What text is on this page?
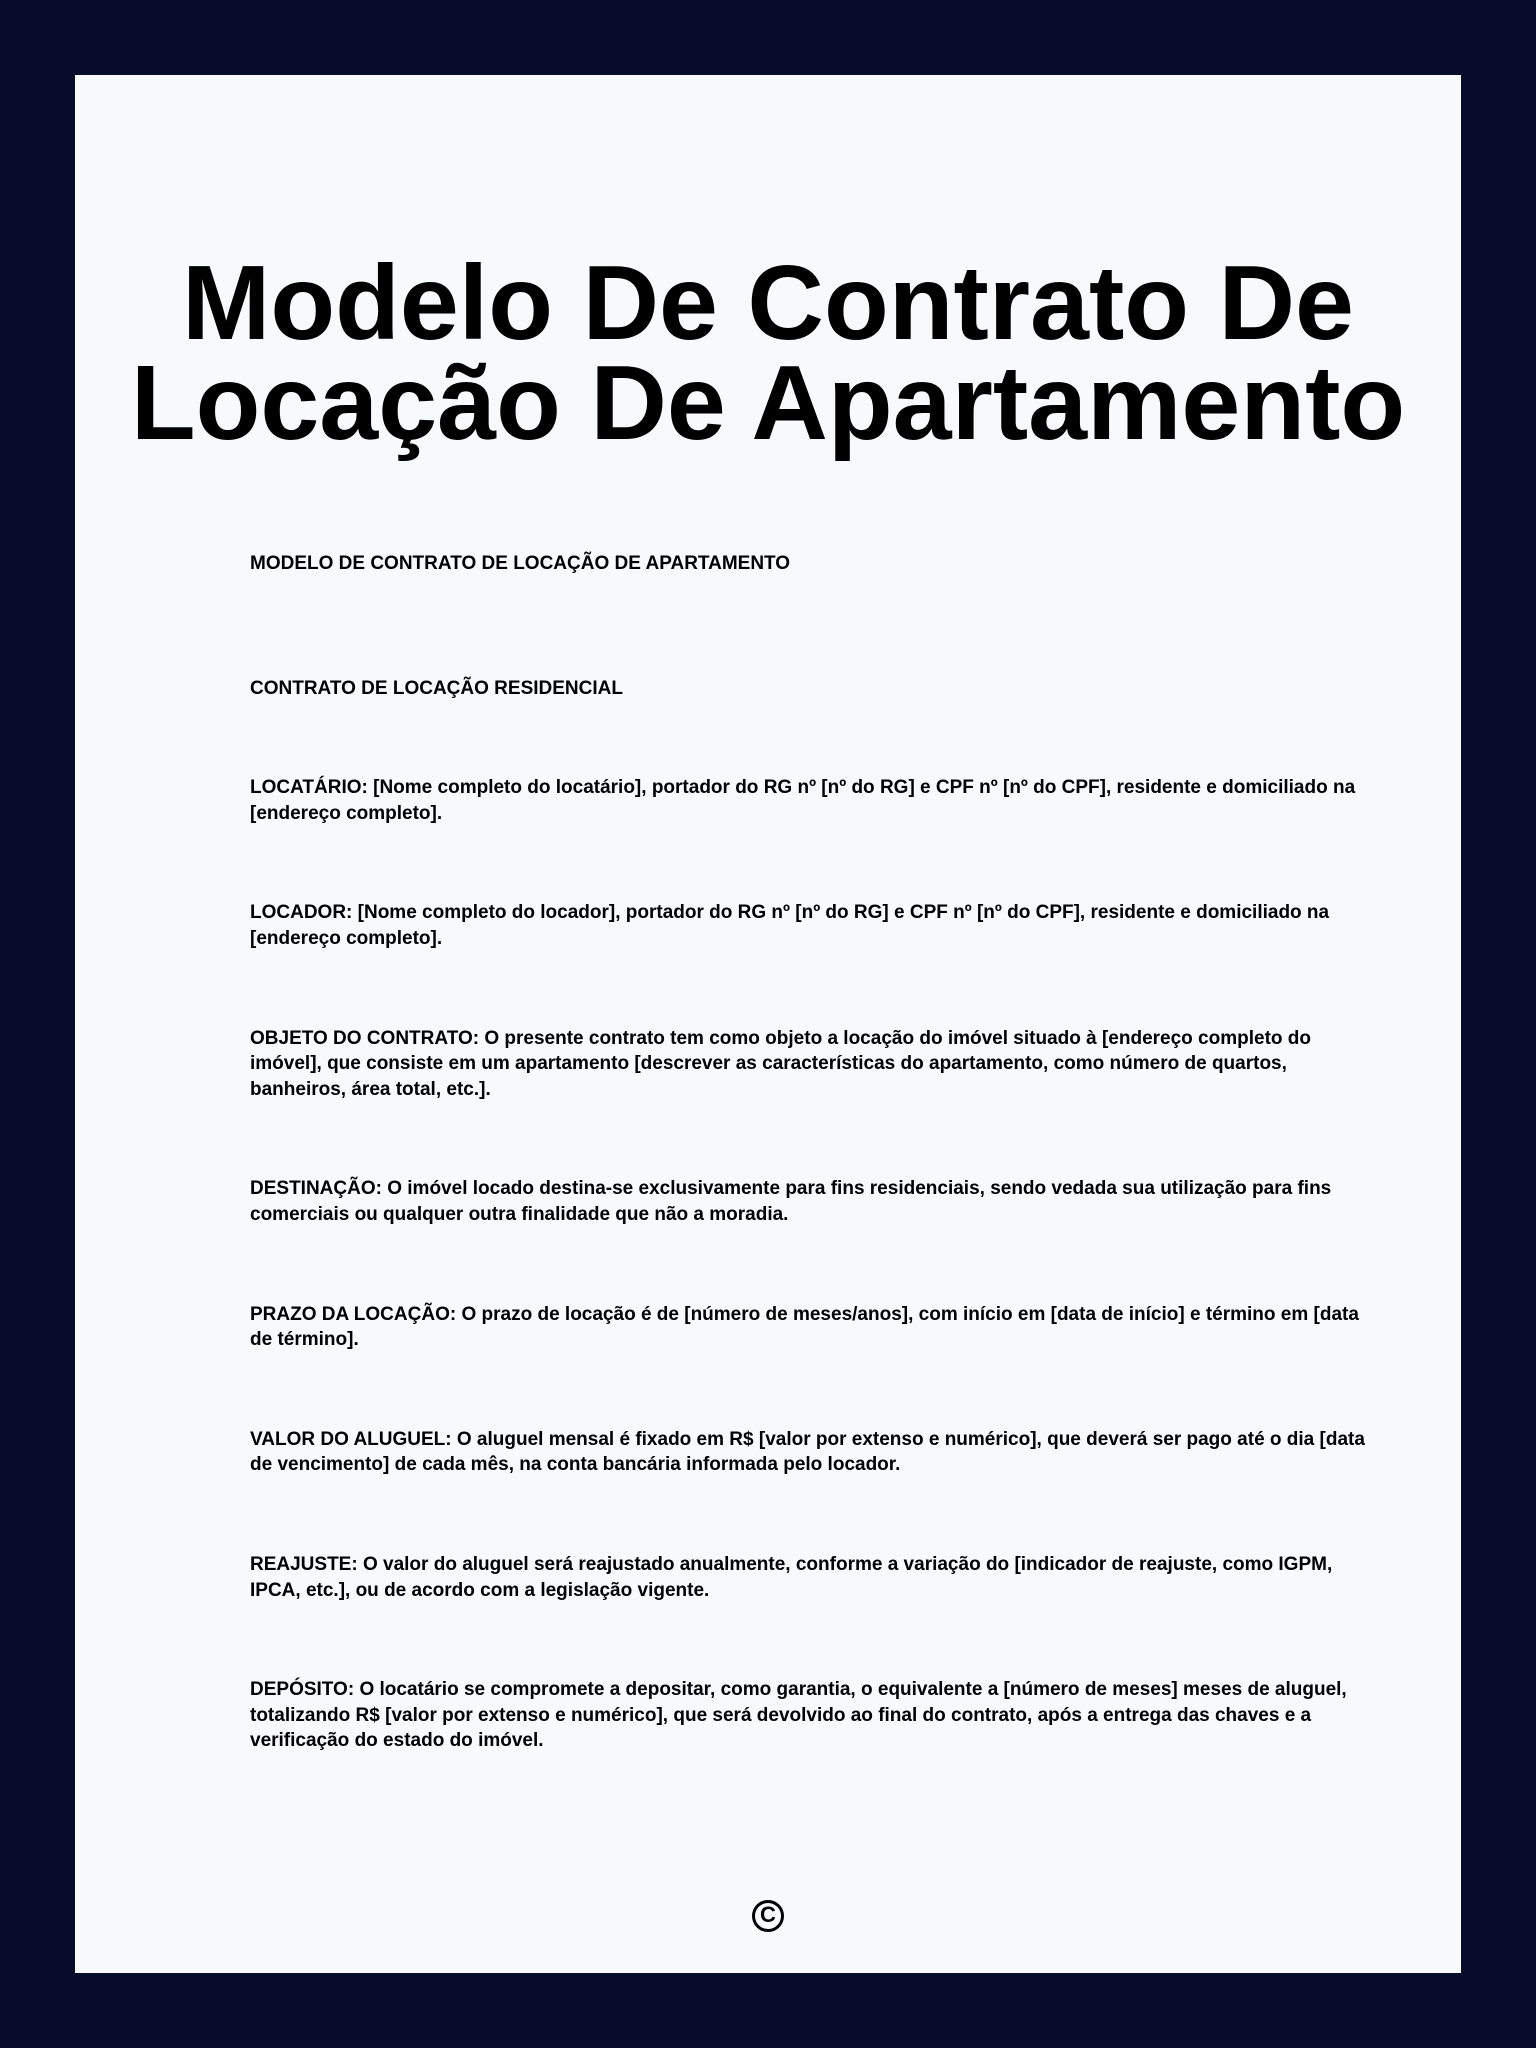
Modelo De Contrato De Locação De Apartamento

MODELO DE CONTRATO DE LOCAÇÃO DE APARTAMENTO

CONTRATO DE LOCAÇÃO RESIDENCIAL

LOCATÁRIO: [Nome completo do locatário], portador do RG nº [nº do RG] e CPF nº [nº do CPF], residente e domiciliado na [endereço completo].

LOCADOR: [Nome completo do locador], portador do RG nº [nº do RG] e CPF nº [nº do CPF], residente e domiciliado na [endereço completo].

OBJETO DO CONTRATO: O presente contrato tem como objeto a locação do imóvel situado à [endereço completo do imóvel], que consiste em um apartamento [descrever as características do apartamento, como número de quartos, banheiros, área total, etc.].

DESTINAÇÃO: O imóvel locado destina-se exclusivamente para fins residenciais, sendo vedada sua utilização para fins comerciais ou qualquer outra finalidade que não a moradia.

PRAZO DA LOCAÇÃO: O prazo de locação é de [número de meses/anos], com início em [data de início] e término em [data de término].

VALOR DO ALUGUEL: O aluguel mensal é fixado em R$ [valor por extenso e numérico], que deverá ser pago até o dia [data de vencimento] de cada mês, na conta bancária informada pelo locador.

REAJUSTE: O valor do aluguel será reajustado anualmente, conforme a variação do [indicador de reajuste, como IGPM, IPCA, etc.], ou de acordo com a legislação vigente.

DEPÓSITO: O locatário se compromete a depositar, como garantia, o equivalente a [número de meses] meses de aluguel, totalizando R$ [valor por extenso e numérico], que será devolvido ao final do contrato, após a entrega das chaves e a verificação do estado do imóvel.

C
